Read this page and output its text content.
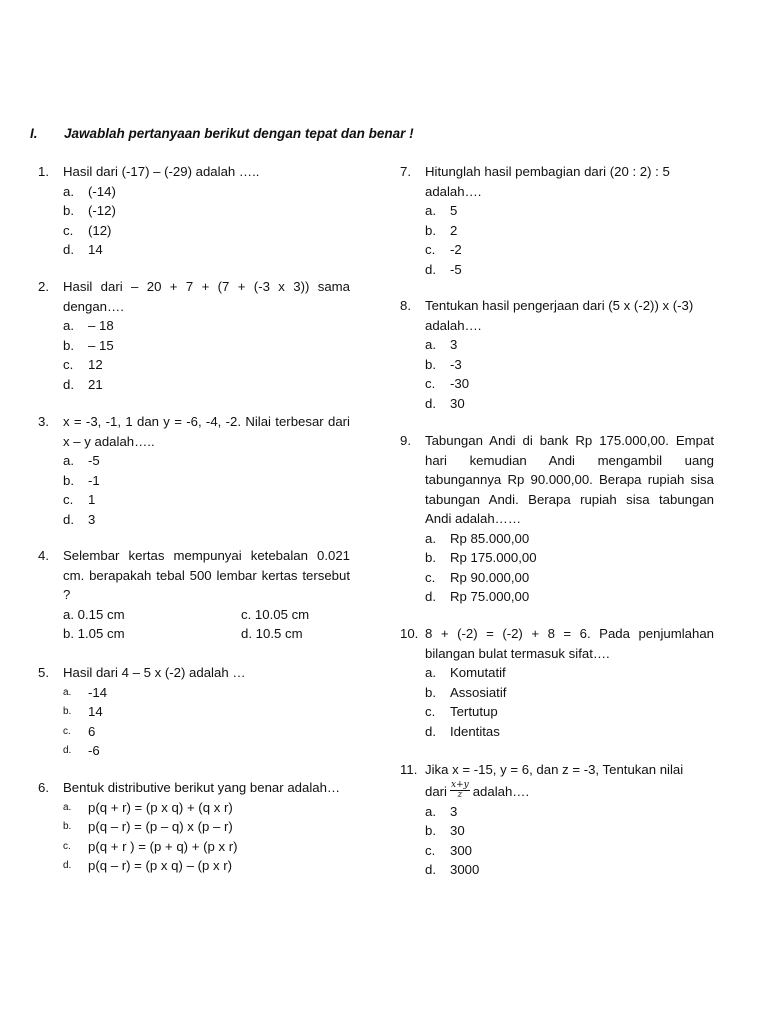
I. Jawablah pertanyaan berikut dengan tepat dan benar !
1. Hasil dari (-17) – (-29) adalah …..
a.	(-14)
b.	(-12)
c.	(12)
d.	14
2. Hasil dari – 20 + 7 + (7 + (-3 x 3)) sama dengan….
a.	– 18
b.	– 15
c.	12
d.	21
3. x = -3, -1, 1 dan y = -6, -4, -2. Nilai terbesar dari x – y adalah…..
a.	-5
b.	-1
c.	1
d.	3
4. Selembar kertas mempunyai ketebalan 0.021 cm. berapakah tebal 500 lembar kertas tersebut ?
a. 0.15 cm	c. 10.05 cm
b. 1.05 cm	d. 10.5 cm
5. Hasil dari 4 – 5 x (-2) adalah …
a.	-14
b.	14
c.	6
d.	-6
6. Bentuk distributive berikut yang benar adalah…
a.	p(q + r) = (p x q) + (q x r)
b.	p(q – r) = (p – q) x (p – r)
c.	p(q + r ) = (p + q) + (p x r)
d.	p(q – r) = (p x q) – (p x r)
7. Hitunglah hasil pembagian dari (20 : 2) : 5 adalah….
a.	5
b.	2
c.	-2
d.	-5
8. Tentukan hasil pengerjaan dari (5 x (-2)) x (-3) adalah….
a.	3
b.	-3
c.	-30
d.	30
9. Tabungan Andi di bank Rp 175.000,00. Empat hari kemudian Andi mengambil uang tabungannya Rp 90.000,00. Berapa rupiah sisa tabungan Andi. Berapa rupiah sisa tabungan Andi adalah……
a.	Rp 85.000,00
b.	Rp 175.000,00
c.	Rp 90.000,00
d.	Rp 75.000,00
10. 8 + (-2) = (-2) + 8 = 6. Pada penjumlahan bilangan bulat termasuk sifat….
a.	Komutatif
b.	Assosiatif
c.	Tertutup
d.	Identitas
11. Jika x = -15, y = 6, dan z = -3, Tentukan nilai
dari $\frac{x+y}{z}$ adalah….
a.	3
b.	30
c.	300
d.	3000
